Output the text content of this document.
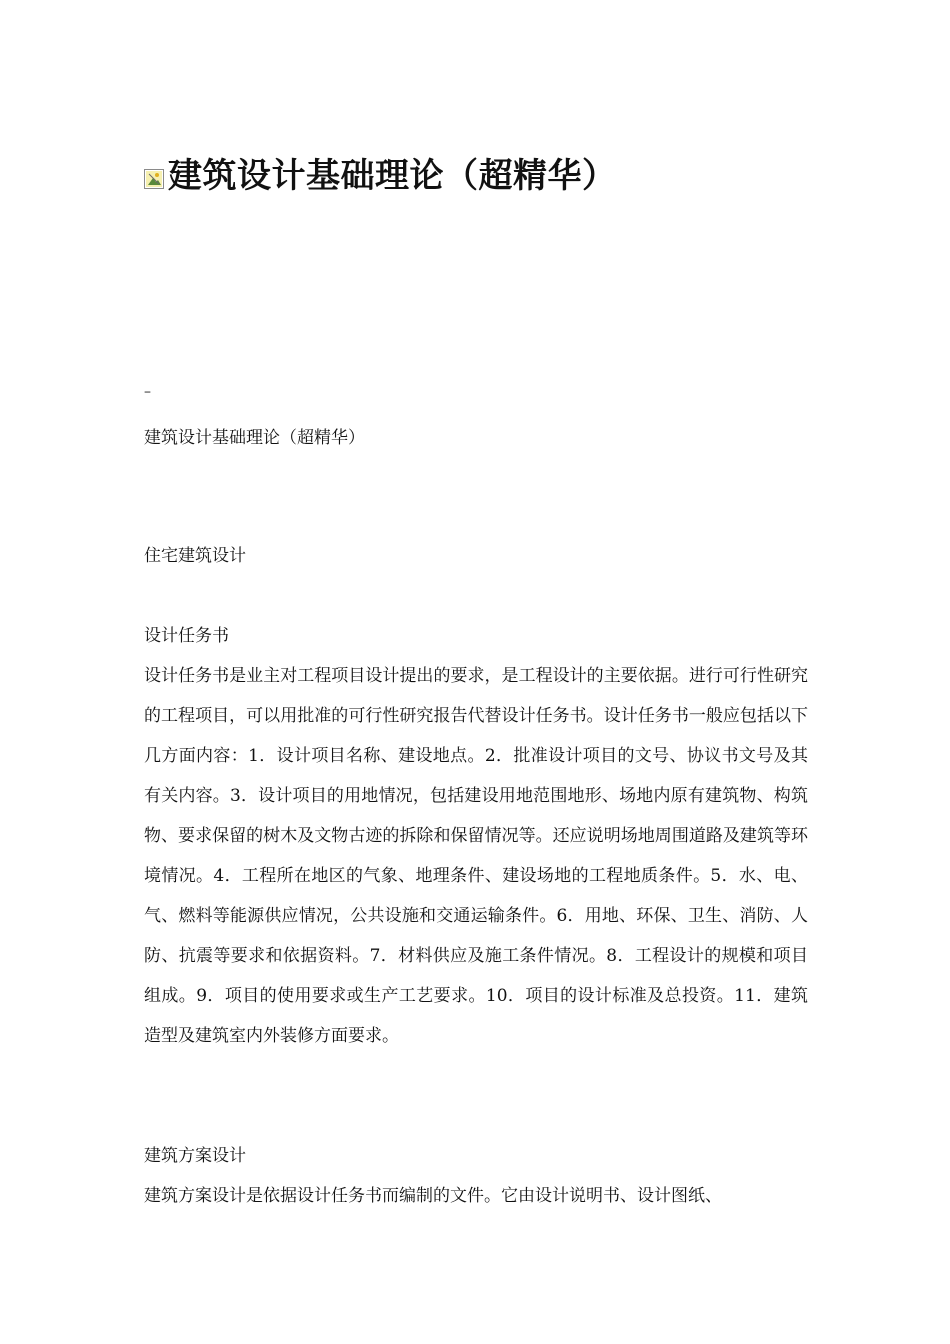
建筑设计基础理论（超精华）
–

建筑设计基础理论（超精华）

住宅建筑设计

设计任务书

设计任务书是业主对工程项目设计提出的要求，是工程设计的主要依据。进行可行性研究的工程项目，可以用批准的可行性研究报告代替设计任务书。设计任务书一般应包括以下几方面内容：1．设计项目名称、建设地点。2．批准设计项目的文号、协议书文号及其有关内容。3．设计项目的用地情况，包括建设用地范围地形、场地内原有建筑物、构筑物、要求保留的树木及文物古迹的拆除和保留情况等。还应说明场地周围道路及建筑等环境情况。4．工程所在地区的气象、地理条件、建设场地的工程地质条件。5．水、电、气、燃料等能源供应情况，公共设施和交通运输条件。6．用地、环保、卫生、消防、人防、抗震等要求和依据资料。7．材料供应及施工条件情况。8．工程设计的规模和项目组成。9．项目的使用要求或生产工艺要求。10．项目的设计标准及总投资。11．建筑造型及建筑室内外装修方面要求。

建筑方案设计

建筑方案设计是依据设计任务书而编制的文件。它由设计说明书、设计图纸、
